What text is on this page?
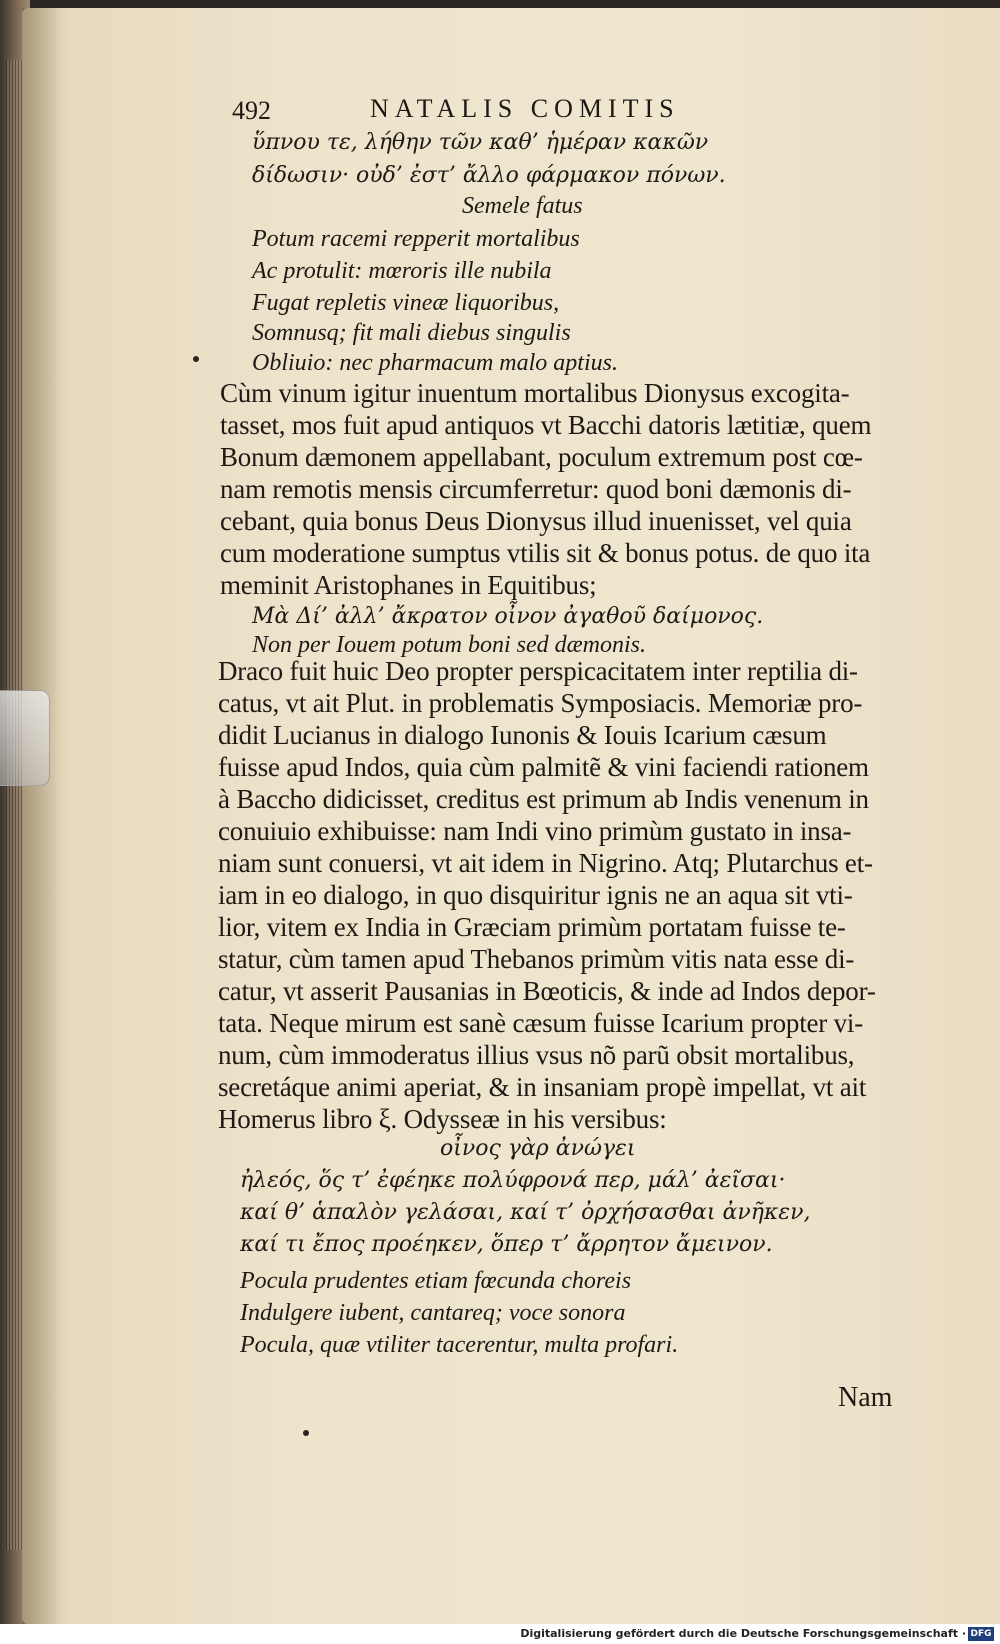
492	NATALIS COMITIS
ὕπνου τε, λήθην τῶν καθ’ ἡμέραν κακῶν
δίδωσιν· οὐδ’ ἐστ’ ἄλλο φάρμακον πόνων.
Semele fatus
Potum racemi repperit mortalibus
Ac protulit: mœroris ille nubila
Fugat repletis vineæ liquoribus,
Somnusq; fit mali diebus singulis
Obliuio: nec pharmacum malo aptius.
Cùm vinum igitur inuentum mortalibus Dionysus excogita-
tasset, mos fuit apud antiquos vt Bacchi datoris lætitiæ, quem
Bonum dæmonem appellabant, poculum extremum post cœ-
nam remotis mensis circumferretur: quod boni dæmonis di-
cebant, quia bonus Deus Dionysus illud inuenisset, vel quia
cum moderatione sumptus vtilis sit & bonus potus. de quo ita
meminit Aristophanes in Equitibus;
Μὰ Δί’ ἀλλ’ ἄκρατον οἶνον ἀγαθοῦ δαίμονος.
Non per Iouem potum boni sed dæmonis.
Draco fuit huic Deo propter perspicacitatem inter reptilia di-
catus, vt ait Plut. in problematis Symposiacis. Memoriæ pro-
didit Lucianus in dialogo Iunonis & Iouis Icarium cæsum
fuisse apud Indos, quia cùm palmitẽ & vini faciendi rationem
à Baccho didicisset, creditus est primum ab Indis venenum in
conuiuio exhibuisse: nam Indi vino primùm gustato in insa-
niam sunt conuersi, vt ait idem in Nigrino. Atq; Plutarchus et-
iam in eo dialogo, in quo disquiritur ignis ne an aqua sit vti-
lior, vitem ex India in Græciam primùm portatam fuisse te-
statur, cùm tamen apud Thebanos primùm vitis nata esse di-
catur, vt asserit Pausanias in Bœoticis, & inde ad Indos depor-
tata. Neque mirum est sanè cæsum fuisse Icarium propter vi-
num, cùm immoderatus illius vsus nõ parũ obsit mortalibus,
secretáque animi aperiat, & in insaniam propè impellat, vt ait
Homerus libro ξ. Odysseæ in his versibus:
οἶνος γὰρ ἀνώγει
ἠλεός, ὅς τ’ ἐφέηκε πολύφρονά περ, μάλ’ ἀεῖσαι·
καί θ’ ἁπαλὸν γελάσαι, καί τ’ ὀρχήσασθαι ἀνῆκεν,
καί τι ἔπος προέηκεν, ὅπερ τ’ ἄρρητον ἄμεινον.
Pocula prudentes etiam fœcunda choreis
Indulgere iubent, cantareq; voce sonora
Pocula, quæ vtiliter tacerentur, multa profari.
Nam
Digitalisierung gefördert durch die Deutsche Forschungsgemeinschaft · DFG
